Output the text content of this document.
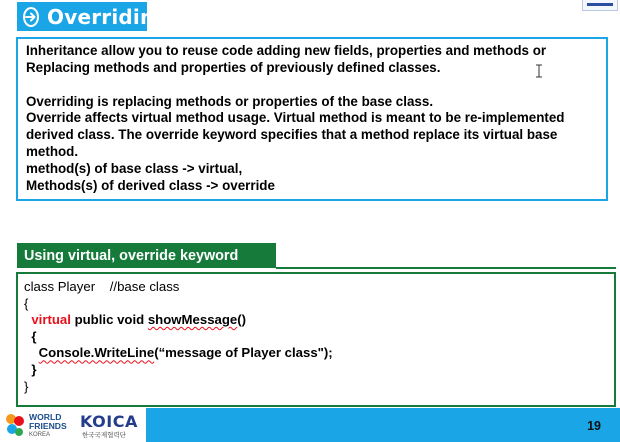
Overriding

Inheritance allow you to reuse code adding new fields, properties and methods or

Replacing methods and properties of previously defined classes.

Overriding is replacing methods or properties of the base class.

Override affects virtual method usage. Virtual method is meant to be re-implemented

derived class. The override keyword specifies that a method replace its virtual base

method.

method(s) of base class -> virtual,

Methods(s) of derived class -> override

Using virtual, override keyword
class Player    //base class
{
virtual public void showMessage()
{
Console.WriteLine(“message of Player class");
}
}
WORLD
FRIENDS
KOREA
KOICA
한국국제협력단
19
